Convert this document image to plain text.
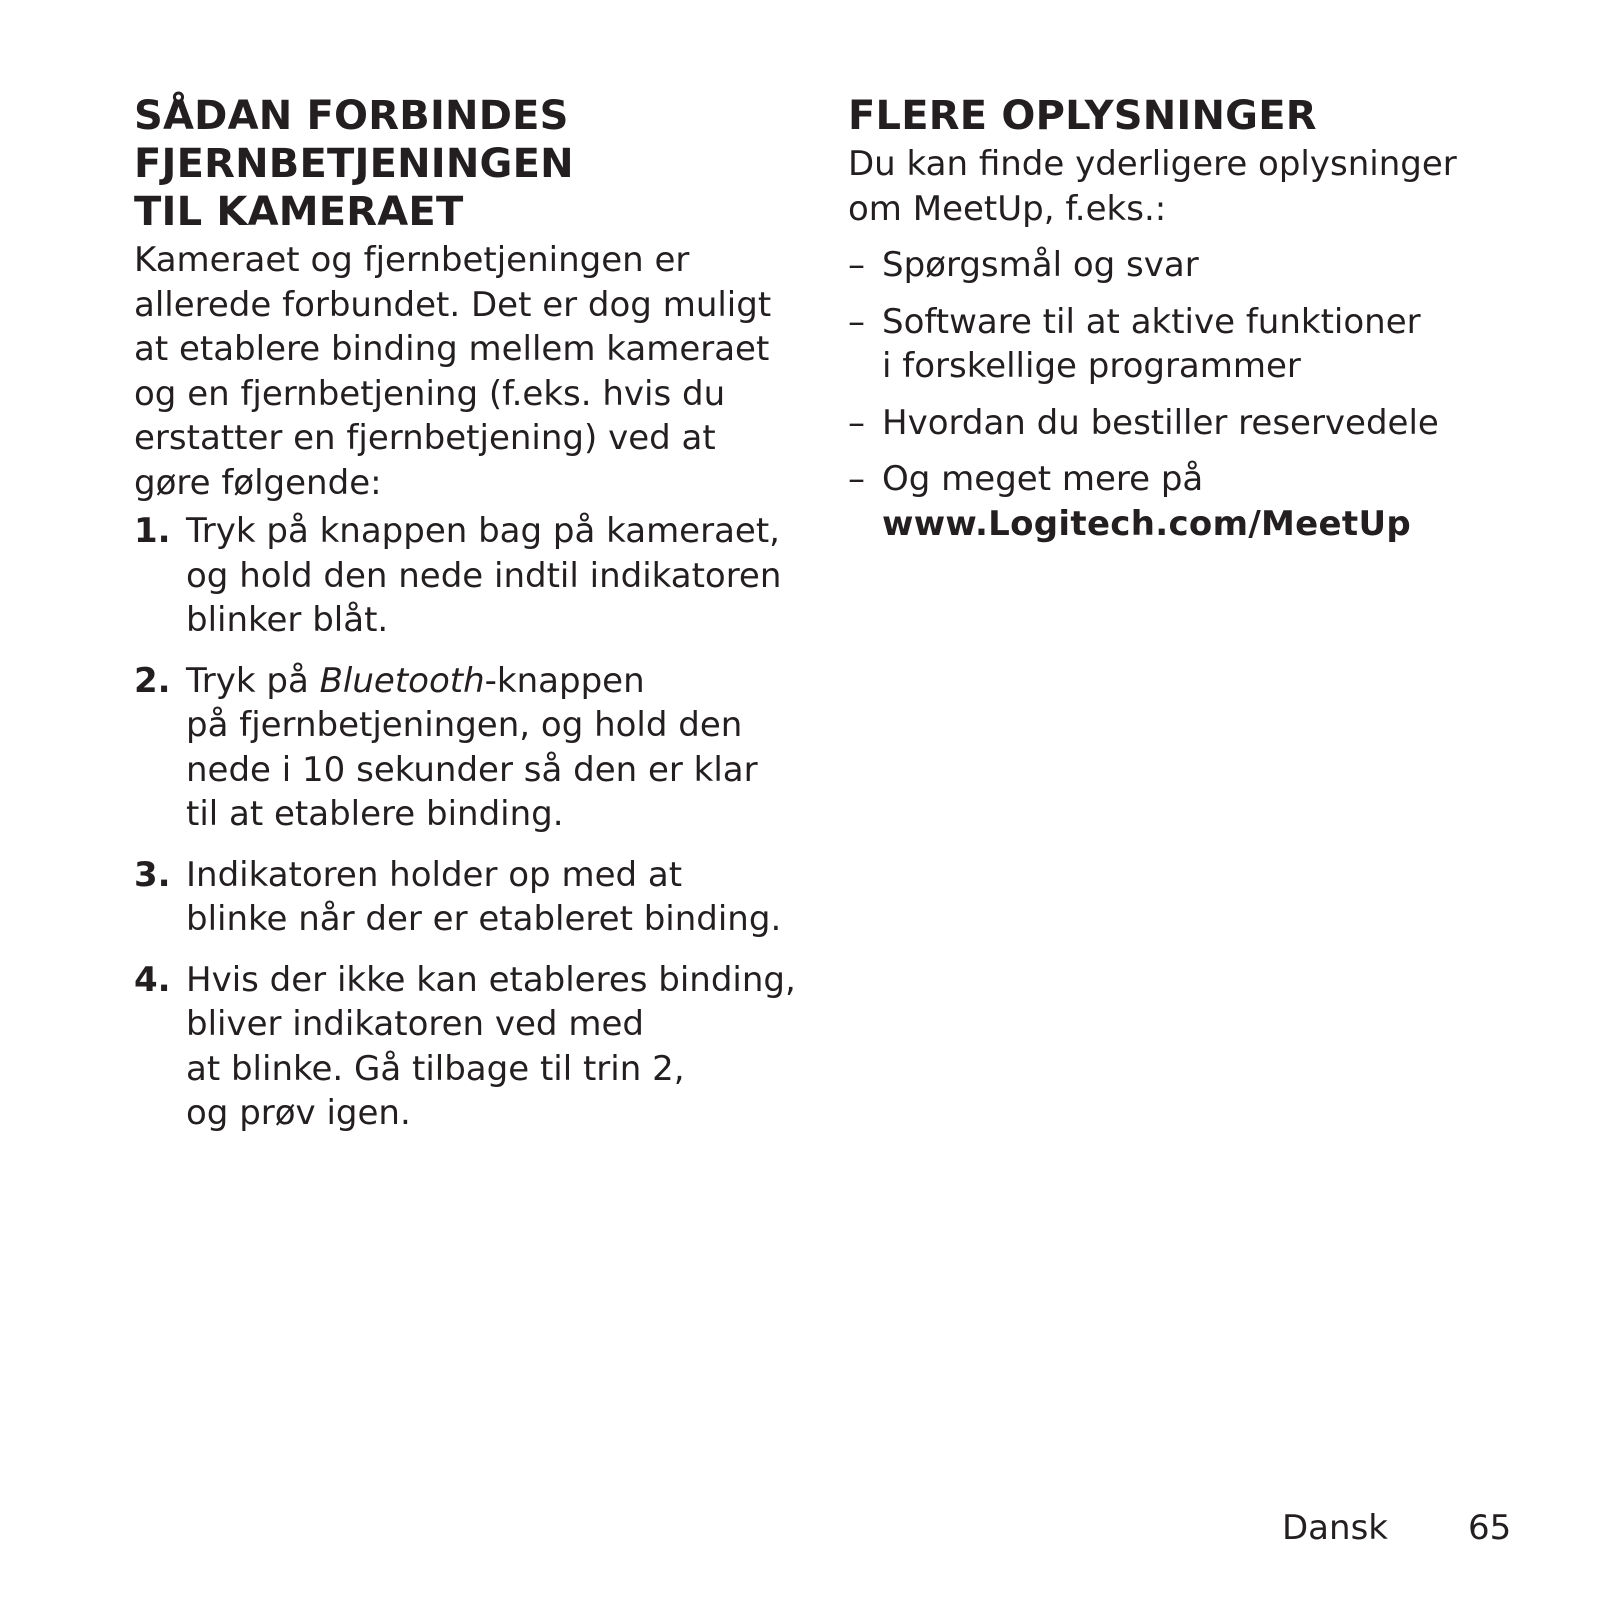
SÅDAN FORBINDES
FJERNBETJENINGEN
TIL KAMERAET

Kameraet og fjernbetjeningen er
allerede forbundet. Det er dog muligt
at etablere binding mellem kameraet
og en fjernbetjening (f.eks. hvis du
erstatter en fjernbetjening) ved at
gøre følgende:

1. Tryk på knappen bag på kameraet,
og hold den nede indtil indikatoren
blinker blåt.
2. Tryk på Bluetooth-knappen
på fjernbetjeningen, og hold den
nede i 10 sekunder så den er klar
til at etablere binding.
3. Indikatoren holder op med at
blinke når der er etableret binding.
4. Hvis der ikke kan etableres binding,
bliver indikatoren ved med
at blinke. Gå tilbage til trin 2,
og prøv igen.
FLERE OPLYSNINGER

Du kan finde yderligere oplysninger
om MeetUp, f.eks.:

– Spørgsmål og svar
– Software til at aktive funktioner
i forskellige programmer
– Hvordan du bestiller reservedele
– Og meget mere på
www.Logitech.com/MeetUp
Dansk 65
